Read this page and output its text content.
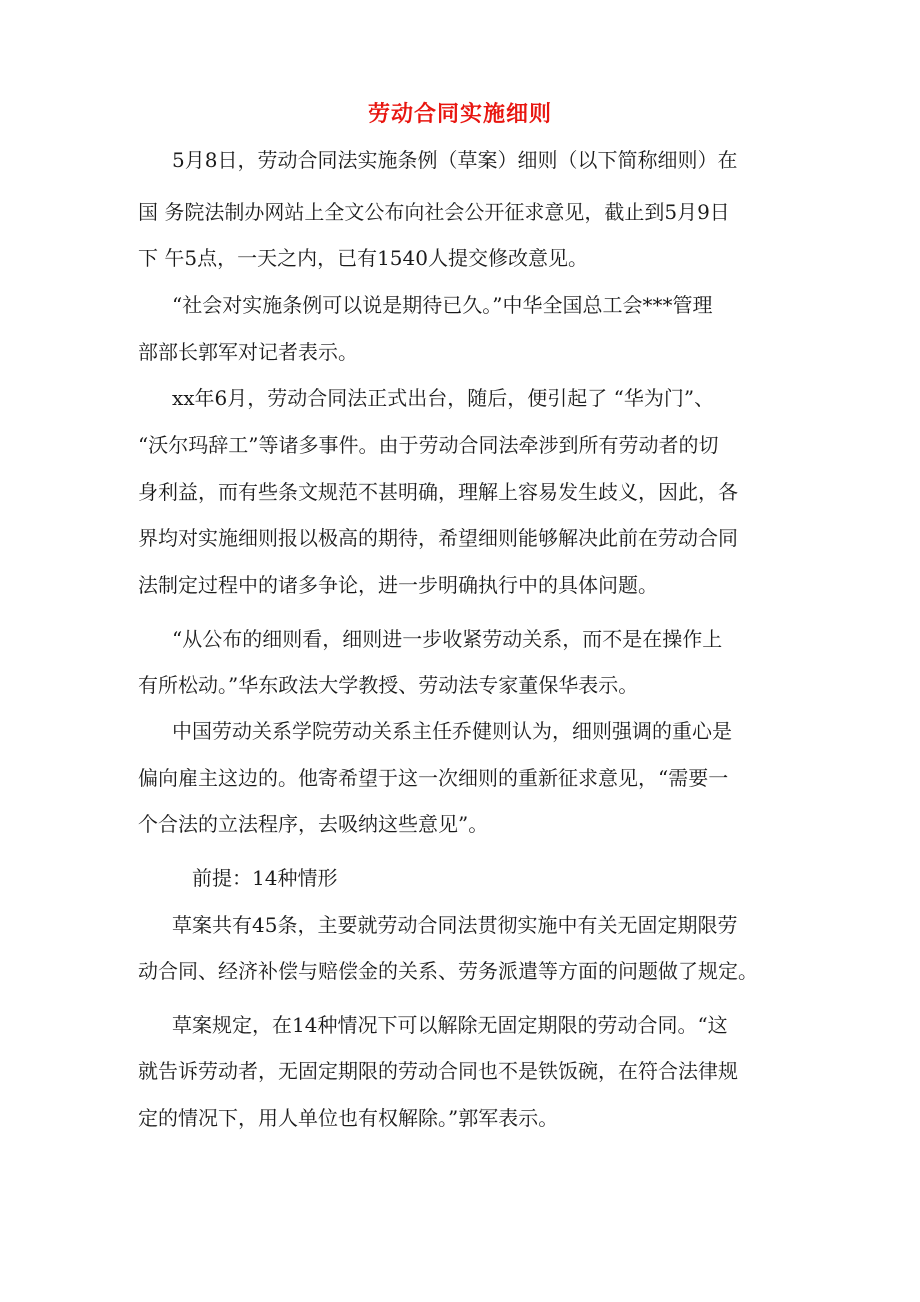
劳动合同实施细则
5月8日，劳动合同法实施条例（草案）细则（以下简称细则）在
国 务院法制办网站上全文公布向社会公开征求意见，截止到5月9日
下 午5点，一天之内，已有1540人提交修改意见。
“社会对实施条例可以说是期待已久。”中华全国总工会***管理
部部长郭军对记者表示。
xx年6月，劳动合同法正式出台，随后，便引起了 “华为门”、
“沃尔玛辞工”等诸多事件。由于劳动合同法牵涉到所有劳动者的切
身利益，而有些条文规范不甚明确，理解上容易发生歧义，因此，各
界均对实施细则报以极高的期待，希望细则能够解决此前在劳动合同
法制定过程中的诸多争论，进一步明确执行中的具体问题。
“从公布的细则看，细则进一步收紧劳动关系，而不是在操作上
有所松动。”华东政法大学教授、劳动法专家董保华表示。
中国劳动关系学院劳动关系主任乔健则认为，细则强调的重心是
偏向雇主这边的。他寄希望于这一次细则的重新征求意见，“需要一
个合法的立法程序，去吸纳这些意见”。
前提：14种情形
草案共有45条，主要就劳动合同法贯彻实施中有关无固定期限劳
动合同、经济补偿与赔偿金的关系、劳务派遣等方面的问题做了规定。
草案规定，在14种情况下可以解除无固定期限的劳动合同。“这
就告诉劳动者，无固定期限的劳动合同也不是铁饭碗，在符合法律规
定的情况下，用人单位也有权解除。”郭军表示。
